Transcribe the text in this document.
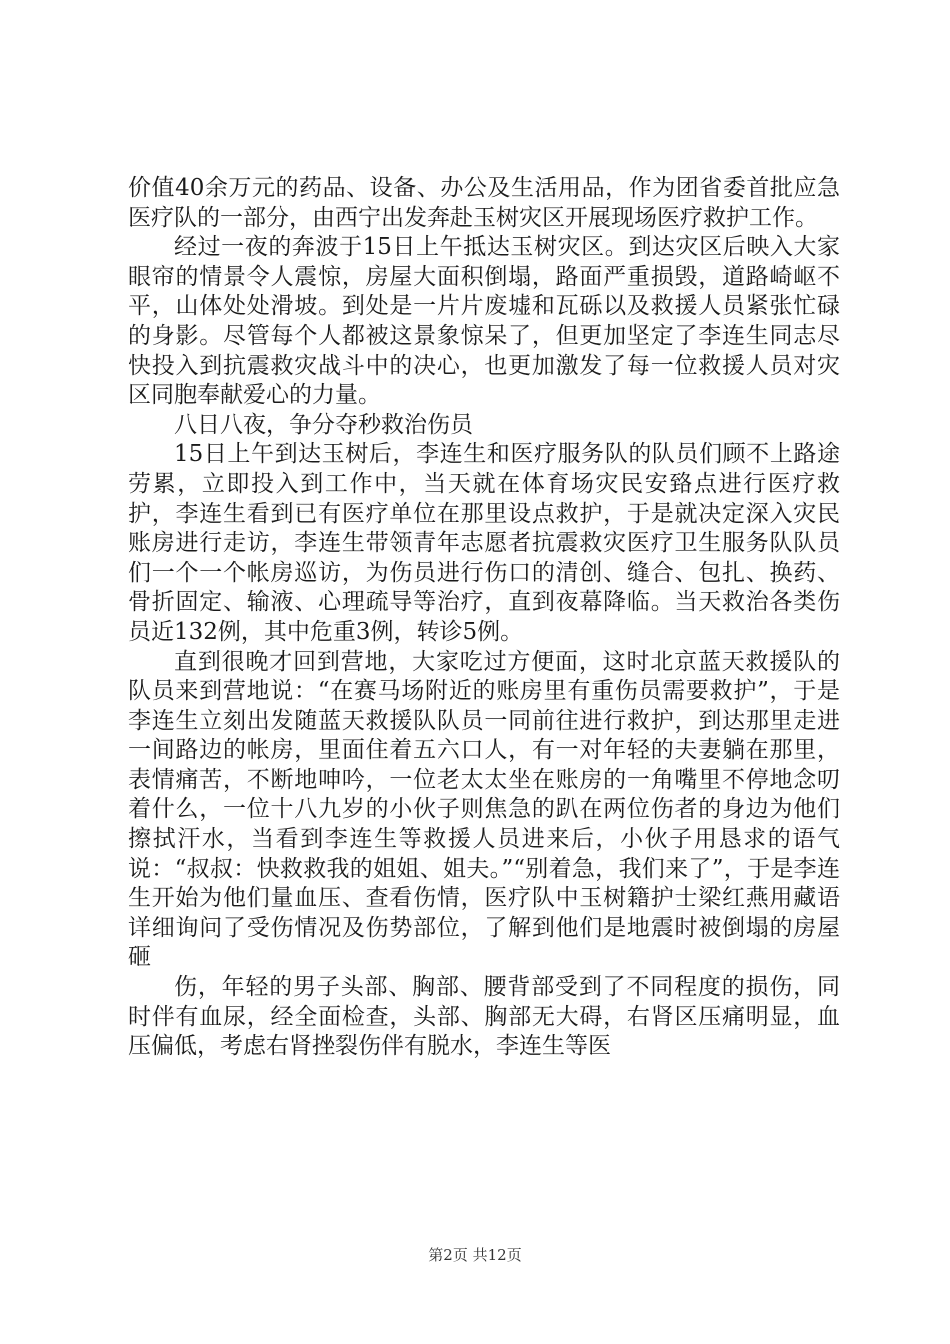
价值40余万元的药品、设备、办公及生活用品，作为团省委首批应急医疗队的一部分，由西宁出发奔赴玉树灾区开展现场医疗救护工作。

经过一夜的奔波于15日上午抵达玉树灾区。到达灾区后映入大家眼帘的情景令人震惊，房屋大面积倒塌，路面严重损毁，道路崎岖不平，山体处处滑坡。到处是一片片废墟和瓦砾以及救援人员紧张忙碌的身影。尽管每个人都被这景象惊呆了，但更加坚定了李连生同志尽快投入到抗震救灾战斗中的决心，也更加激发了每一位救援人员对灾区同胞奉献爱心的力量。

八日八夜，争分夺秒救治伤员

15日上午到达玉树后，李连生和医疗服务队的队员们顾不上路途劳累，立即投入到工作中，当天就在体育场灾民安臵点进行医疗救护，李连生看到已有医疗单位在那里设点救护，于是就决定深入灾民账房进行走访，李连生带领青年志愿者抗震救灾医疗卫生服务队队员们一个一个帐房巡访，为伤员进行伤口的清创、缝合、包扎、换药、骨折固定、输液、心理疏导等治疗，直到夜幕降临。当天救治各类伤员近132例，其中危重3例，转诊5例。

直到很晚才回到营地，大家吃过方便面，这时北京蓝天救援队的队员来到营地说：“在赛马场附近的账房里有重伤员需要救护”，于是李连生立刻出发随蓝天救援队队员一同前往进行救护，到达那里走进一间路边的帐房，里面住着五六口人，有一对年轻的夫妻躺在那里，表情痛苦，不断地呻吟，一位老太太坐在账房的一角嘴里不停地念叨着什么，一位十八九岁的小伙子则焦急的趴在两位伤者的身边为他们擦拭汗水，当看到李连生等救援人员进来后，小伙子用恳求的语气说：“叔叔：快救救我的姐姐、姐夫。”“别着急，我们来了”，于是李连生开始为他们量血压、查看伤情，医疗队中玉树籍护士梁红燕用藏语详细询问了受伤情况及伤势部位，了解到他们是地震时被倒塌的房屋砸

伤，年轻的男子头部、胸部、腰背部受到了不同程度的损伤，同时伴有血尿，经全面检查，头部、胸部无大碍，右肾区压痛明显，血压偏低，考虑右肾挫裂伤伴有脱水，李连生等医

第2页 共12页
